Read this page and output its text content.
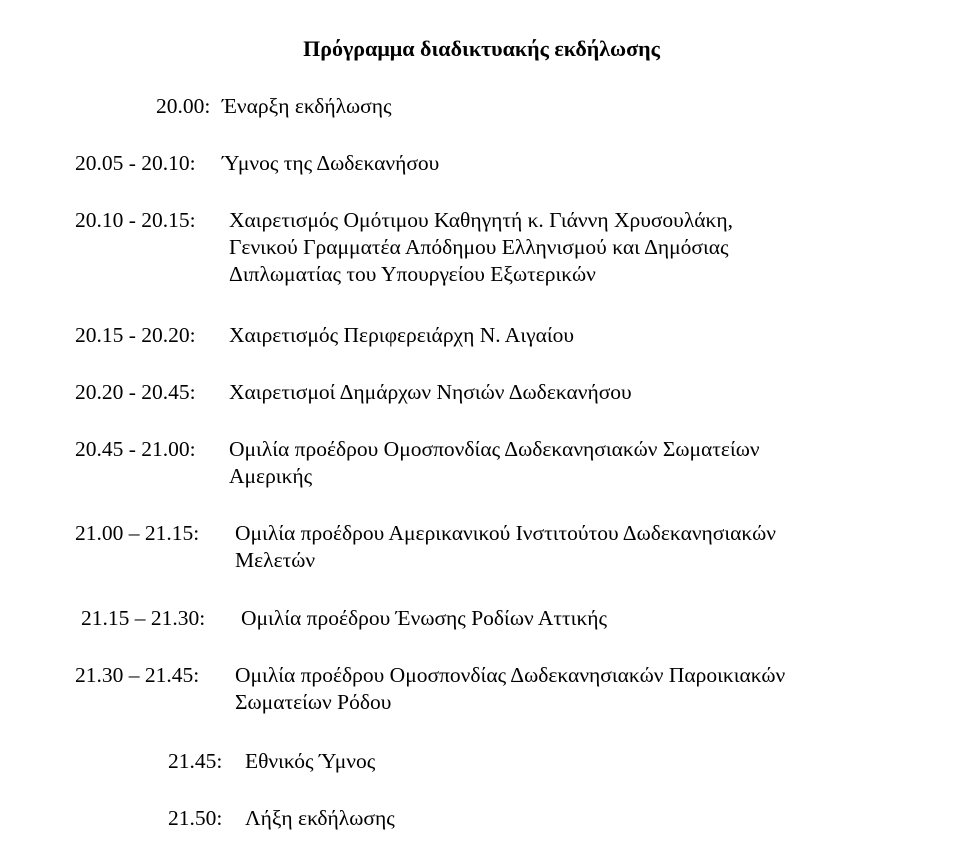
Πρόγραμμα διαδικτυακής εκδήλωσης
20.00: Έναρξη εκδήλωσης
20.05 - 20.10: Ύμνος της Δωδεκανήσου
20.10 - 20.15: Χαιρετισμός Ομότιμου Καθηγητή κ. Γιάννη Χρυσουλάκη,
Γενικού Γραμματέα Απόδημου Ελληνισμού και Δημόσιας
Διπλωματίας του Υπουργείου Εξωτερικών
20.15 - 20.20: Χαιρετισμός Περιφερειάρχη Ν. Αιγαίου
20.20 - 20.45: Χαιρετισμοί Δημάρχων Νησιών Δωδεκανήσου
20.45 - 21.00: Ομιλία προέδρου Ομοσπονδίας Δωδεκανησιακών Σωματείων
Αμερικής
21.00 – 21.15: Ομιλία προέδρου Αμερικανικού Ινστιτούτου Δωδεκανησιακών
Μελετών
21.15 – 21.30: Ομιλία προέδρου Ένωσης Ροδίων Αττικής
21.30 – 21.45: Ομιλία προέδρου Ομοσπονδίας Δωδεκανησιακών Παροικιακών
Σωματείων Ρόδου
21.45: Εθνικός Ύμνος
21.50: Λήξη εκδήλωσης
